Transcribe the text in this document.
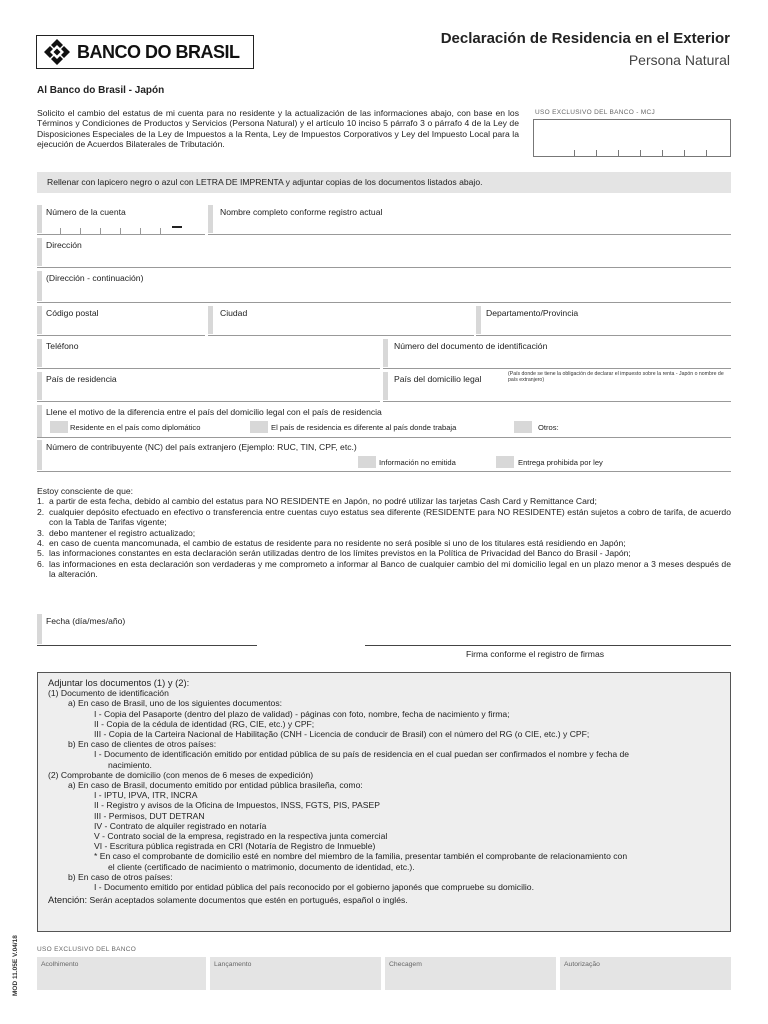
BANCO DO BRASIL
Declaración de Residencia en el Exterior
Persona Natural
Al Banco do Brasil - Japón
Solicito el cambio del estatus de mi cuenta para no residente y la actualización de las informaciones abajo, con base en los Términos y Condiciones de Productos y Servicios (Persona Natural) y el artículo 10 inciso 5 párrafo 3 o párrafo 4 de la Ley de Disposiciones Especiales de la Ley de Impuestos a la Renta, Ley de Impuestos Corporativos y Ley del Impuesto Local para la ejecución de Acuerdos Bilaterales de Tributación.
USO EXCLUSIVO DEL BANCO - MCJ
Rellenar con lapicero negro o azul con LETRA DE IMPRENTA y adjuntar copias de los documentos listados abajo.
Número de la cuenta	Nombre completo conforme registro actual
Dirección
(Dirección - continuación)
Código postal	Ciudad	Departamento/Provincia
Teléfono	Número del documento de identificación
País de residencia	País del domicilio legal	(País donde se tiene la obligación de declarar el impuesto sobre la renta - Japón o nombre de país extranjero)
Llene el motivo de la diferencia entre el país del domicilio legal con el país de residencia
Residente en el país como diplomático	El país de residencia es diferente al país donde trabaja	Otros:
Número de contribuyente (NC) del país extranjero (Ejemplo: RUC, TIN, CPF, etc.)
Información no emitida	Entrega prohibida por ley

Estoy consciente de que:

1. a partir de esta fecha, debido al cambio del estatus para NO RESIDENTE en Japón, no podré utilizar las tarjetas Cash Card y Remittance Card;
2. cualquier depósito efectuado en efectivo o transferencia entre cuentas cuyo estatus sea diferente (RESIDENTE para NO RESIDENTE) están sujetos a cobro de tarifa, de acuerdo con la Tabla de Tarifas vigente;
3. debo mantener el registro actualizado;
4. en caso de cuenta mancomunada, el cambio de estatus de residente para no residente no será posible si uno de los titulares está residiendo en Japón;
5. las informaciones constantes en esta declaración serán utilizadas dentro de los límites previstos en la Política de Privacidad del Banco do Brasil - Japón;
6. las informaciones en esta declaración son verdaderas y me comprometo a informar al Banco de cualquier cambio del mi domicilio legal en un plazo menor a 3 meses después de la alteración.
Fecha (día/mes/año)
Firma conforme el registro de firmas
Adjuntar los documentos (1) y (2):
(1) Documento de identificación
a) En caso de Brasil, uno de los siguientes documentos:
I - Copia del Pasaporte (dentro del plazo de validad) - páginas con foto, nombre, fecha de nacimiento y firma;
II - Copia de la cédula de identidad (RG, CIE, etc.) y CPF;
III - Copia de la Carteira Nacional de Habilitação (CNH - Licencia de conducir de Brasil) con el número del RG (o CIE, etc.) y CPF;
b) En caso de clientes de otros países:
I - Documento de identificación emitido por entidad pública de su país de residencia en el cual puedan ser confirmados el nombre y fecha de
nacimiento.
(2) Comprobante de domicilio (con menos de 6 meses de expedición)
a) En caso de Brasil, documento emitido por entidad pública brasileña, como:
I - IPTU, IPVA, ITR, INCRA
II - Registro y avisos de la Oficina de Impuestos, INSS, FGTS, PIS, PASEP
III - Permisos, DUT DETRAN
IV - Contrato de alquiler registrado en notaría
V - Contrato social de la empresa, registrado en la respectiva junta comercial
VI - Escritura pública registrada en CRI (Notaría de Registro de Inmueble)
* En caso el comprobante de domicilio esté en nombre del miembro de la familia, presentar también el comprobante de relacionamiento con
el cliente (certificado de nacimiento o matrimonio, documento de identidad, etc.).
b) En caso de otros países:
I - Documento emitido por entidad pública del país reconocido por el gobierno japonés que compruebe su domicilio.
Atención: Serán aceptados solamente documentos que estén en portugués, español o inglés.
USO EXCLUSIVO DEL BANCO
Acolhimento	Lançamento	Checagem	Autorização
MOD 11.05E V.04/18
